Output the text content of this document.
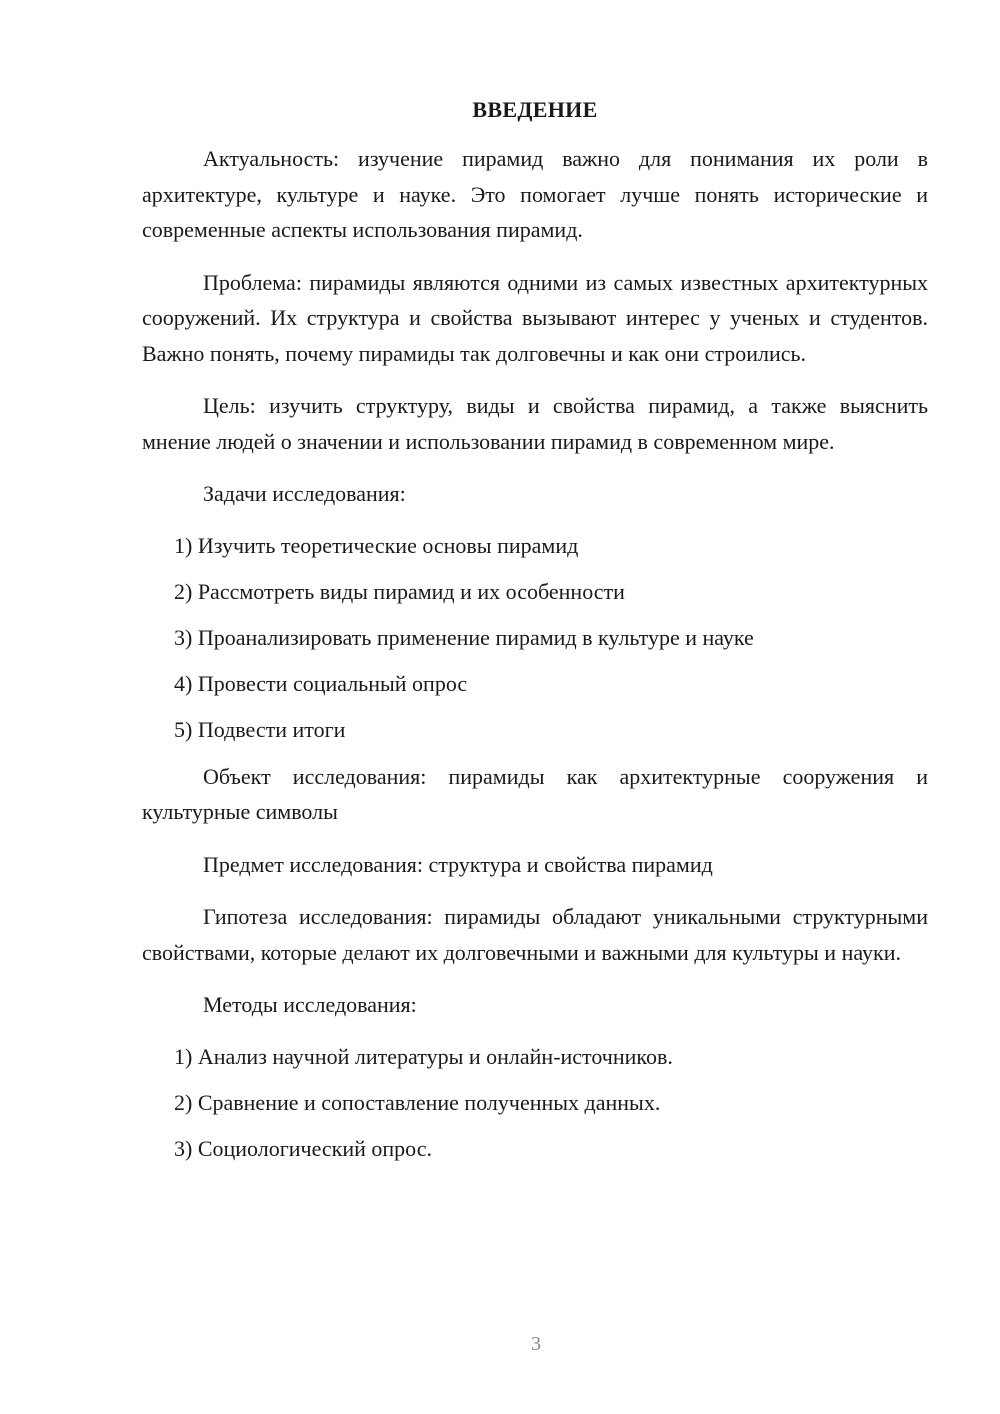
ВВЕДЕНИЕ

Актуальность: изучение пирамид важно для понимания их роли в архитектуре, культуре и науке. Это помогает лучше понять исторические и современные аспекты использования пирамид.

Проблема: пирамиды являются одними из самых известных архитектурных сооружений. Их структура и свойства вызывают интерес у ученых и студентов. Важно понять, почему пирамиды так долговечны и как они строились.

Цель: изучить структуру, виды и свойства пирамид, а также выяснить мнение людей о значении и использовании пирамид в современном мире.

Задачи исследования:

1) Изучить теоретические основы пирамид
2) Рассмотреть виды пирамид и их особенности
3) Проанализировать применение пирамид в культуре и науке
4) Провести социальный опрос
5) Подвести итоги

Объект исследования: пирамиды как архитектурные сооружения и культурные символы

Предмет исследования: структура и свойства пирамид

Гипотеза исследования: пирамиды обладают уникальными структурными свойствами, которые делают их долговечными и важными для культуры и науки.

Методы исследования:

1) Анализ научной литературы и онлайн-источников.
2) Сравнение и сопоставление полученных данных.
3) Социологический опрос.
3
